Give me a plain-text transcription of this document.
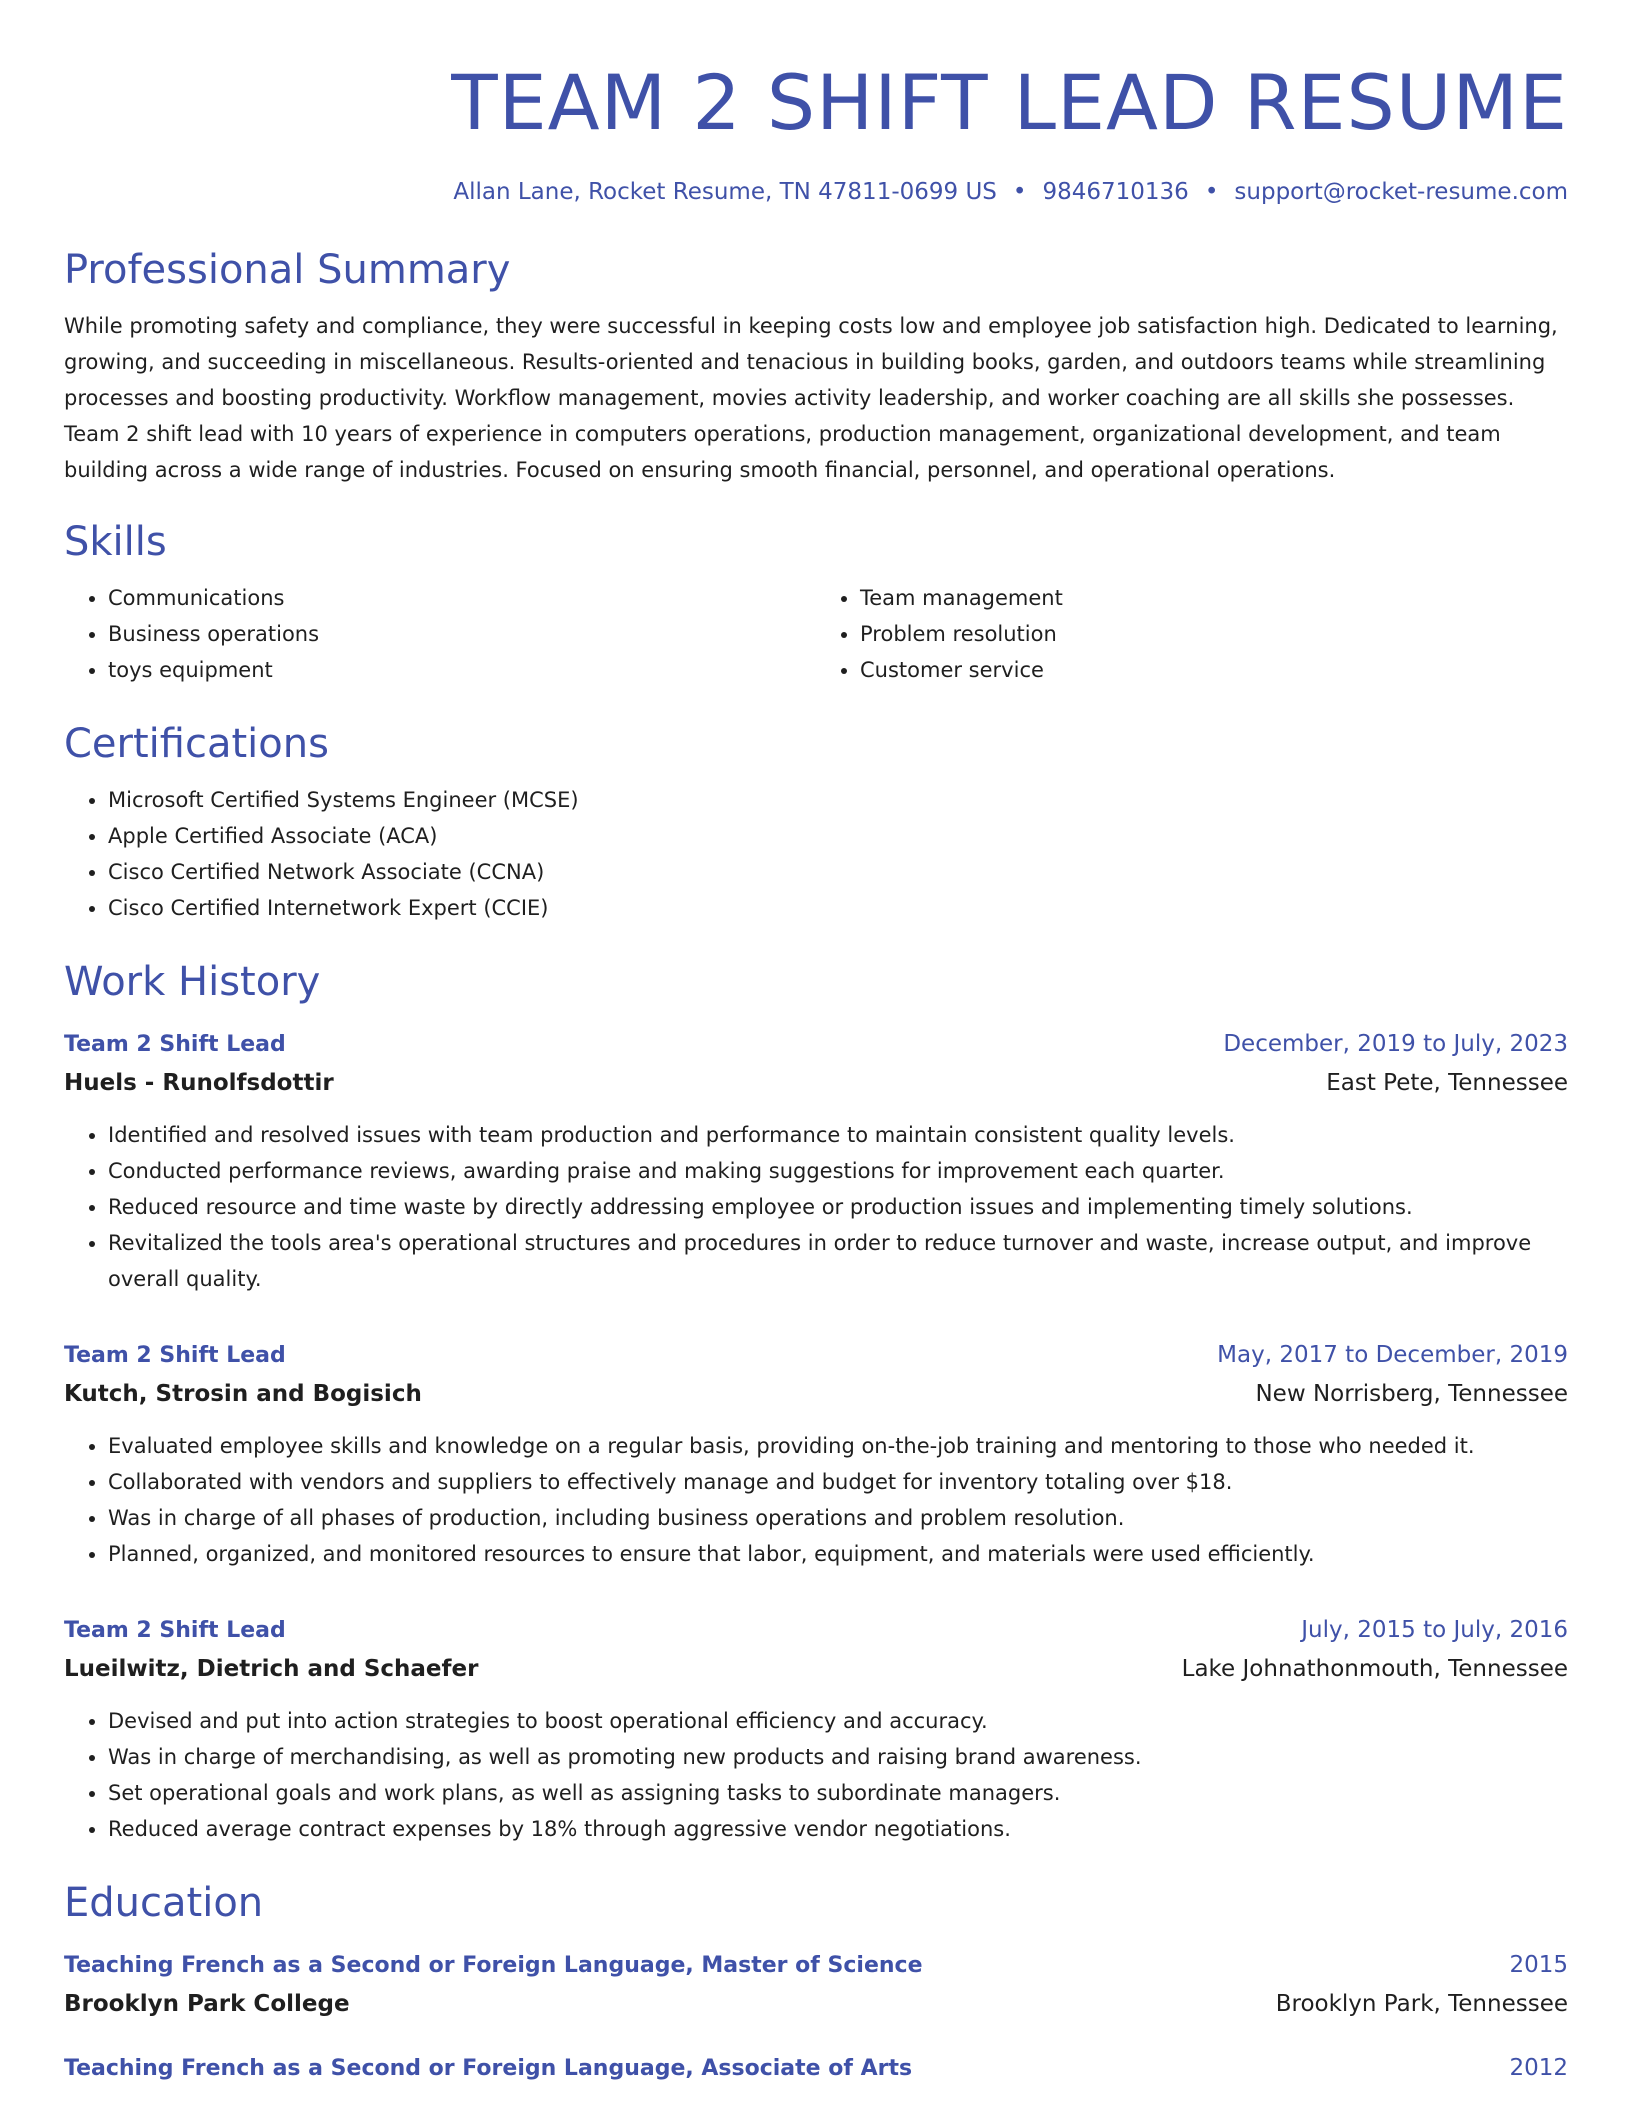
TEAM 2 SHIFT LEAD RESUME
Allan Lane, Rocket Resume, TN 47811-0699 US • 9846710136 • support@rocket-resume.com
Professional Summary
While promoting safety and compliance, they were successful in keeping costs low and employee job satisfaction high. Dedicated to learning, growing, and succeeding in miscellaneous. Results-oriented and tenacious in building books, garden, and outdoors teams while streamlining processes and boosting productivity. Workflow management, movies activity leadership, and worker coaching are all skills she possesses. Team 2 shift lead with 10 years of experience in computers operations, production management, organizational development, and team building across a wide range of industries. Focused on ensuring smooth financial, personnel, and operational operations.
Skills
• Communications
• Business operations
• toys equipment
• Team management
• Problem resolution
• Customer service
Certifications
• Microsoft Certified Systems Engineer (MCSE)
• Apple Certified Associate (ACA)
• Cisco Certified Network Associate (CCNA)
• Cisco Certified Internetwork Expert (CCIE)
Work History
Team 2 Shift Lead	December, 2019 to July, 2023
Huels - Runolfsdottir	East Pete, Tennessee
• Identified and resolved issues with team production and performance to maintain consistent quality levels.
• Conducted performance reviews, awarding praise and making suggestions for improvement each quarter.
• Reduced resource and time waste by directly addressing employee or production issues and implementing timely solutions.
• Revitalized the tools area's operational structures and procedures in order to reduce turnover and waste, increase output, and improve overall quality.
Team 2 Shift Lead	May, 2017 to December, 2019
Kutch, Strosin and Bogisich	New Norrisberg, Tennessee
• Evaluated employee skills and knowledge on a regular basis, providing on-the-job training and mentoring to those who needed it.
• Collaborated with vendors and suppliers to effectively manage and budget for inventory totaling over $18.
• Was in charge of all phases of production, including business operations and problem resolution.
• Planned, organized, and monitored resources to ensure that labor, equipment, and materials were used efficiently.
Team 2 Shift Lead	July, 2015 to July, 2016
Lueilwitz, Dietrich and Schaefer	Lake Johnathonmouth, Tennessee
• Devised and put into action strategies to boost operational efficiency and accuracy.
• Was in charge of merchandising, as well as promoting new products and raising brand awareness.
• Set operational goals and work plans, as well as assigning tasks to subordinate managers.
• Reduced average contract expenses by 18% through aggressive vendor negotiations.
Education
Teaching French as a Second or Foreign Language, Master of Science	2015
Brooklyn Park College	Brooklyn Park, Tennessee
Teaching French as a Second or Foreign Language, Associate of Arts	2012
